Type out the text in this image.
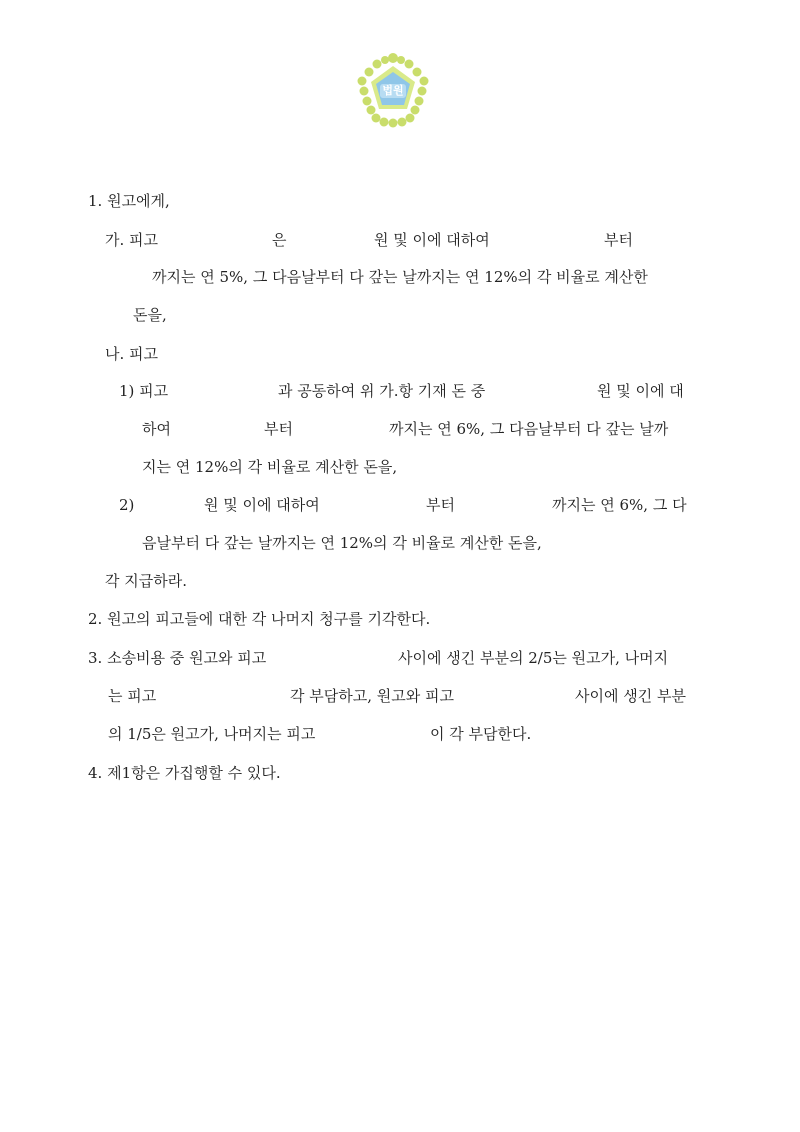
법원
1. 원고에게,
가. 피고	은	원 및 이에 대하여	부터
까지는 연 5%, 그 다음날부터 다 갚는 날까지는 연 12%의 각 비율로 계산한
돈을,
나. 피고
1) 피고	과 공동하여 위 가.항 기재 돈 중	원 및 이에 대
하여	부터	까지는 연 6%, 그 다음날부터 다 갚는 날까
지는 연 12%의 각 비율로 계산한 돈을,
2)	원 및 이에 대하여	부터	까지는 연 6%, 그 다
음날부터 다 갚는 날까지는 연 12%의 각 비율로 계산한 돈을,
각 지급하라.
2. 원고의 피고들에 대한 각 나머지 청구를 기각한다.
3. 소송비용 중 원고와 피고	사이에 생긴 부분의 2/5는 원고가, 나머지
는 피고	각 부담하고, 원고와 피고	사이에 생긴 부분
의 1/5은 원고가, 나머지는 피고	이 각 부담한다.
4. 제1항은 가집행할 수 있다.
